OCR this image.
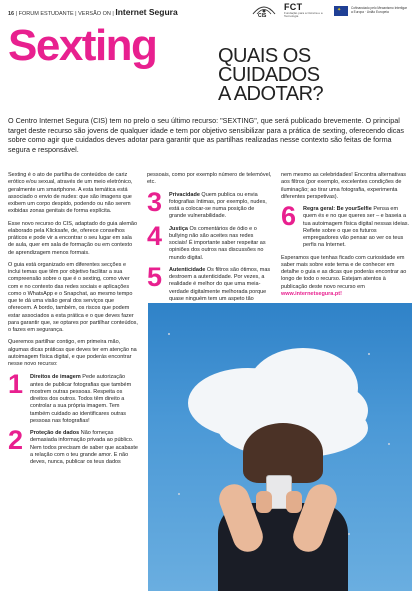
16 | FORUM ESTUDANTE | VERSÃO ON | Internet Segura	CIS
FCT
Fundação para a Ciência e a Tecnologia
✦	Cofinanciado pelo Mecanismo Interligar a Europa · União Europeia
Sexting	QUAIS OS
CUIDADOS
A ADOTAR?

O Centro Internet Segura (CIS) tem no prelo o seu último recurso: "SEXTING", que será publicado brevemente. O principal target deste recurso são jovens de qualquer idade e tem por objetivo sensibilizar para a prática de sexting, oferecendo dicas sobre como agir que cuidados deves adotar para garantir que as partilhas realizadas nesse contexto são feitas de forma segura e responsável.

Sexting é o ato de partilha de conteúdos de cariz erótico e/ou sexual, através de um meio eletrónico, geralmente um smartphone. A esta temática está associado o envio de nudes: que são imagens que exibem um corpo despido, podendo ou não serem exibidas zonas genitais de forma explícita.

Esse novo recurso do CIS, adaptado do guia alemão elaborado pela Klicksafe, de, oferece conselhos práticos e pode vir a encontrar o seu lugar em sala de aula, quer em sala de formação ou em contexto de aprendizagem menos formais.

O guia está organizado em diferentes secções e inclui temas que têm por objetivo facilitar a sua compreensão sobre o que é o sexting, como viver com e no contexto das redes sociais e aplicações como o WhatsApp e o Snapchat, ao mesmo tempo que te dá uma visão geral dos serviços que oferecem. A bordo, também, os riscos que podem estar associados a esta prática e o que deves fazer para garantir que, se optares por partilhar conteúdos, o fazes em segurança.

Queremos partilhar contigo, em primeira mão, algumas dicas práticas que deves ter em atenção na autoimagem física digital, e que poderás encontrar nesse novo recurso:

1 Direitos de imagem Pede autorização antes de publicar fotografias que também mostrem outras pessoas. Respeita os direitos dos outros. Todos têm direito a controlar a sua própria imagem. Tem também cuidado ao identificares outras pessoas nas fotografias!
2 Proteção de dados Não forneças demasiada informação privada ao público. Nem todos precisam de saber que acabaste a relação com o teu grande amor. E não deves, nunca, publicar os teus dados

pessoais, como por exemplo número de telemóvel, etc.

3 Privacidade Quem publica ou envia fotografias íntimas, por exemplo, nudes, está a colocar-se numa posição de grande vulnerabilidade.
4 Justiça Os comentários de ódio e o bullying não são aceites nas redes sociais! É importante saber respeitar as opiniões dos outros nas discussões no mundo digital.
5 Autenticidade Os filtros são ótimos, mas destroem a autenticidade. Por vezes, a realidade é melhor do que uma meia-verdade digitalmente melhorada porque quase ninguém tem um aspeto tão

nem mesmo as celebridades! Encontra alternativas aos filtros (por exemplo, excelentes condições de iluminação; ao tirar uma fotografia, experimenta diferentes perspetivas).

6 Regra geral: Be yourSelfie Pensa em quem és e no que queres ser – e baseia a tua autoimagem física digital nessas ideias. Reflete sobre o que os futuros empregadores vão pensar ao ver os teus perfis na Internet.

Esperamos que tenhas ficado com curiosidade em saber mais sobre este tema e de conhecer em detalhe o guia e as dicas que poderás encontrar ao longo de todo o recurso. Estejam atentos à publicação deste novo recurso em www.internetsegura.pt!
